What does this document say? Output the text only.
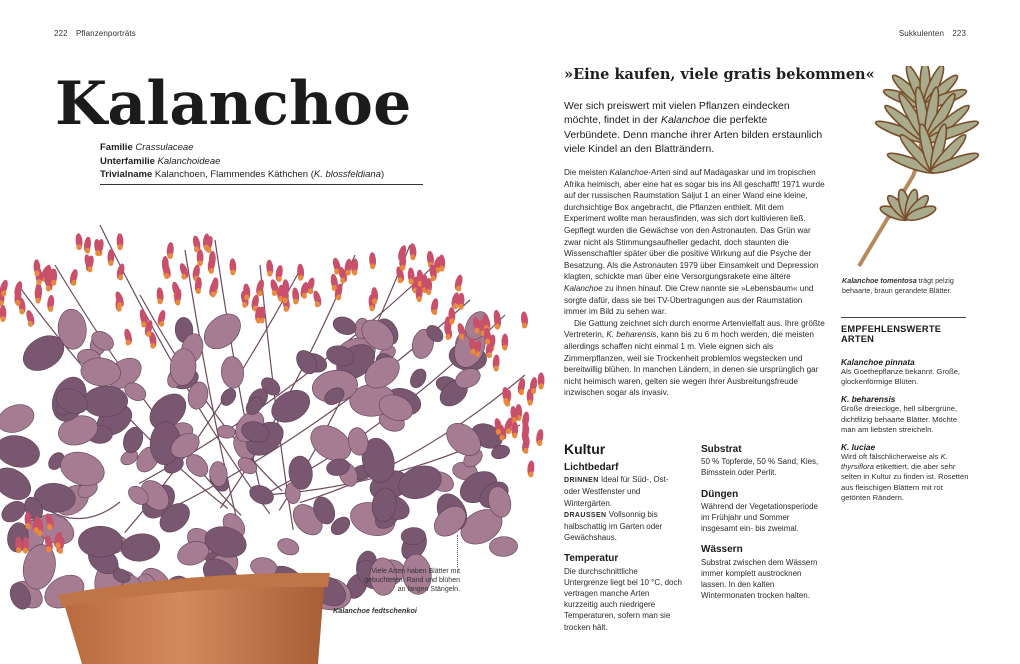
222 Pflanzenporträts	Sukkulenten 223
Kalanchoe
Familie Crassulaceae
Unterfamilie Kalanchoideae
Trivialname Kalanchoen, Flammendes Käthchen (K. blossfeldiana)
Viele Arten haben Blätter mit gebuchtetem Rand und blühen an langen Stängeln.
Kalanchoe fedtschenkoi
»Eine kaufen, viele gratis bekommen«
Wer sich preiswert mit vielen Pflanzen eindecken möchte, findet in der Kalanchoe die perfekte Verbündete. Denn manche ihrer Arten bilden erstaunlich viele Kindel an den Blatträndern.

Die meisten Kalanchoe-Arten sind auf Madagaskar und im tropischen Afrika heimisch, aber eine hat es sogar bis ins All geschafft! 1971 wurde auf der russischen Raumstation Saljut 1 an einer Wand eine kleine, durchsichtige Box angebracht, die Pflanzen enthielt. Mit dem Experiment wollte man herausfinden, was sich dort kultivieren ließ. Gepflegt wurden die Gewächse von den Astronauten. Das Grün war zwar nicht als Stimmungsaufheller gedacht, doch staunten die Wissenschaftler später über die positive Wirkung auf die Psyche der Besatzung. Als die Astronauten 1979 über Einsamkeit und Depression klagten, schickte man über eine Versorgungsrakete eine ältere Kalanchoe zu ihnen hinauf. Die Crew nannte sie »Lebensbaum« und sorgte dafür, dass sie bei TV-Übertragungen aus der Raumstation immer im Bild zu sehen war.

Die Gattung zeichnet sich durch enorme Artenvielfalt aus. Ihre größte Vertreterin, K. beharensis, kann bis zu 6 m hoch werden, die meisten allerdings schaffen nicht einmal 1 m. Viele eignen sich als Zimmerpflanzen, weil sie Trockenheit problemlos wegstecken und bereitwillig blühen. In manchen Ländern, in denen sie ursprünglich gar nicht heimisch waren, gelten sie wegen ihrer Ausbreitungsfreude inzwischen sogar als invasiv.

Kultur
Lichtbedarf
DRINNEN Ideal für Süd-, Ost- oder Westfenster und Wintergärten.
DRAUSSEN Vollsonnig bis halbschattig im Garten oder Gewächshaus.
Temperatur
Die durchschnittliche Untergrenze liegt bei 10 °C, doch vertragen manche Arten kurzzeitig auch niedrigere Temperaturen, sofern man sie trocken hält.
Substrat
50 % Topferde, 50 % Sand, Kies, Bimsstein oder Perlit.
Düngen
Während der Vegetationsperiode im Frühjahr und Sommer insgesamt ein- bis zweimal.
Wässern
Substrat zwischen dem Wässern immer komplett austrocknen lassen. In den kalten Wintermonaten trocken halten.
Kalanchoe tomentosa trägt pelzig behaarte, braun gerandete Blätter.
EMPFEHLENSWERTE ARTEN
Kalanchoe pinnata
Als Goethepflanze bekannt. Große, glockenförmige Blüten.
K. beharensis
Große dreieckige, hell silbergrüne, dichtfilzig behaarte Blätter. Möchte man am liebsten streicheln.
K. luciae
Wird oft fälschlicherweise als K. thyrsiflora etikettiert, die aber sehr selten in Kultur zu finden ist. Rosetten aus fleischigen Blättern mit rot getönten Rändern.
